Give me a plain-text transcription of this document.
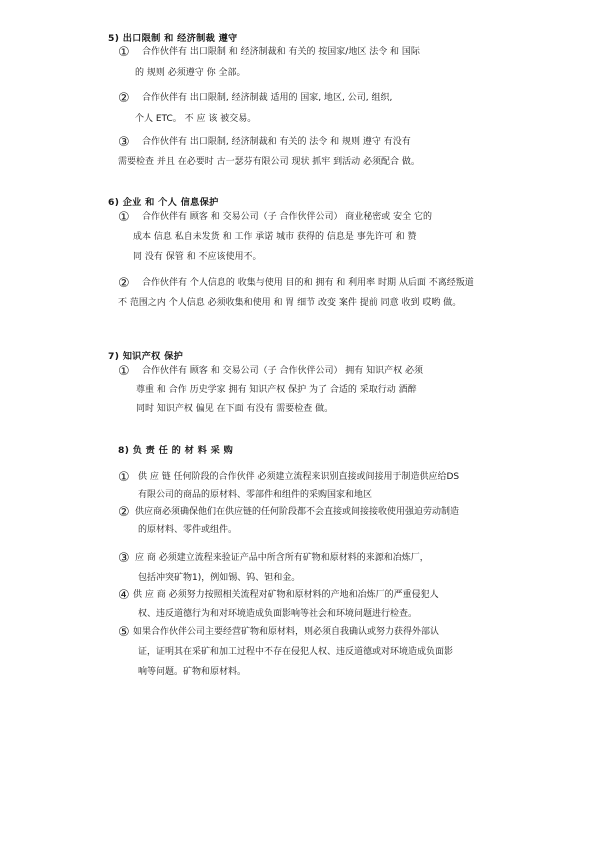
5) 出口限制 和 经济制裁 遵守
① 合作伙伴有 出口限制 和 经济制裁和 有关的 按国家/地区 法令 和 国际
的 规则 必须遵守 你 全部。
② 合作伙伴有 出口限制, 经济制裁 适用的 国家, 地区, 公司, 组织,
个人 ETC。 不 应 该 被交易。
③ 合作伙伴有 出口限制, 经济制裁和 有关的 法令 和 规则 遵守 有没有
需要检查 并且 在必要时 古一瑟芬有限公司 现状 抓牢 到活动 必须配合 做。
6) 企业 和 个人 信息保护
① 合作伙伴有 顾客 和 交易公司（子 合作伙伴公司） 商业秘密或 安全 它的
成本 信息 私自未发货 和 工作 承诺 城市 获得的 信息是 事先许可 和 赞
同 没有 保管 和 不应该使用不。
② 合作伙伴有 个人信息的 收集与使用 目的和 拥有 和 利用率 时期 从后面 不离经叛道
不 范围之内 个人信息 必须收集和使用 和 胃 细节 改变 案件 提前 同意 收到 哎哟 做。
7) 知识产权 保护
① 合作伙伴有 顾客 和 交易公司（子 合作伙伴公司） 拥有 知识产权 必须
尊重 和 合作 历史学家 拥有 知识产权 保护 为了 合适的 采取行动 酒醉
同时 知识产权 偏见 在下面 有没有 需要检查 做。
8) 负 责 任 的 材 料 采 购
① 供 应 链 任何阶段的合作伙伴 必须建立流程来识别直接或间接用于制造供应给DS
有限公司的商品的原材料、零部件和组件的采购国家和地区
② 供应商必须确保他们在供应链的任何阶段都不会直接或间接接收使用强迫劳动制造
的原材料、零件或组件。
③ 应 商 必须建立流程来验证产品中所含所有矿物和原材料的来源和冶炼厂，
包括冲突矿物1)，例如锡、钨、钽和金。
④ 供 应 商 必须努力按照相关流程对矿物和原材料的产地和冶炼厂的严重侵犯人
权、违反道德行为和对环境造成负面影响等社会和环境问题进行检查。
⑤ 如果合作伙伴公司主要经营矿物和原材料，则必须自我确认或努力获得外部认
证，证明其在采矿和加工过程中不存在侵犯人权、违反道德或对环境造成负面影
响等问题。矿物和原材料。
